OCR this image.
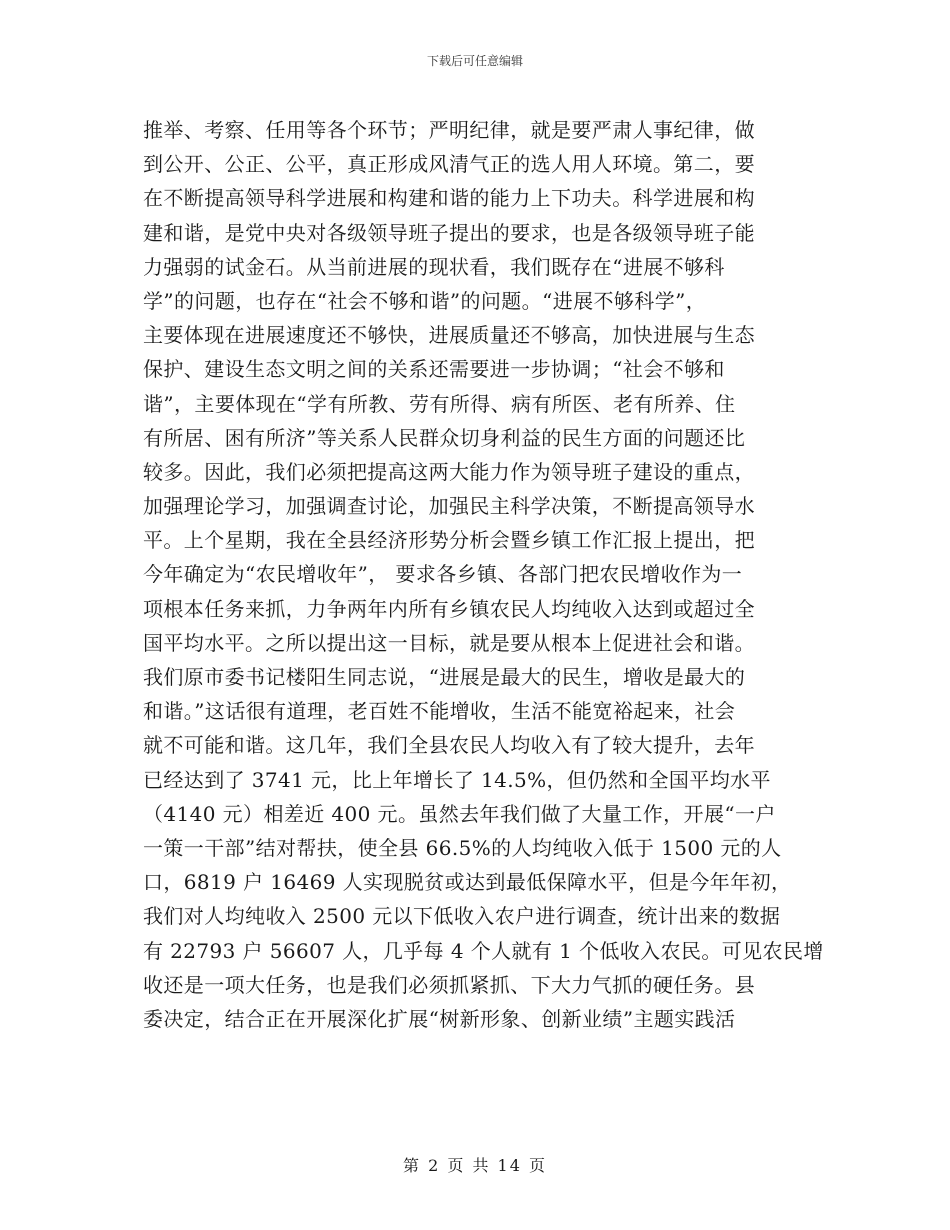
下载后可任意编辑
推举、考察、任用等各个环节；严明纪律，就是要严肃人事纪律，做
到公开、公正、公平，真正形成风清气正的选人用人环境。第二，要
在不断提高领导科学进展和构建和谐的能力上下功夫。科学进展和构
建和谐，是党中央对各级领导班子提出的要求，也是各级领导班子能
力强弱的试金石。从当前进展的现状看，我们既存在“进展不够科
学”的问题，也存在“社会不够和谐”的问题。“进展不够科学”，
主要体现在进展速度还不够快，进展质量还不够高，加快进展与生态
保护、建设生态文明之间的关系还需要进一步协调；“社会不够和
谐”，主要体现在“学有所教、劳有所得、病有所医、老有所养、住
有所居、困有所济”等关系人民群众切身利益的民生方面的问题还比
较多。因此，我们必须把提高这两大能力作为领导班子建设的重点，
加强理论学习，加强调查讨论，加强民主科学决策，不断提高领导水
平。上个星期，我在全县经济形势分析会暨乡镇工作汇报上提出，把
今年确定为“农民增收年”， 要求各乡镇、各部门把农民增收作为一
项根本任务来抓，力争两年内所有乡镇农民人均纯收入达到或超过全
国平均水平。之所以提出这一目标，就是要从根本上促进社会和谐。
我们原市委书记楼阳生同志说，“进展是最大的民生，增收是最大的
和谐。”这话很有道理，老百姓不能增收，生活不能宽裕起来，社会
就不可能和谐。这几年，我们全县农民人均收入有了较大提升，去年
已经达到了 3741 元，比上年增长了 14.5%，但仍然和全国平均水平
（4140 元）相差近 400 元。虽然去年我们做了大量工作，开展“一户
一策一干部”结对帮扶，使全县 66.5%的人均纯收入低于 1500 元的人
口，6819 户 16469 人实现脱贫或达到最低保障水平，但是今年年初，
我们对人均纯收入 2500 元以下低收入农户进行调查，统计出来的数据
有 22793 户 56607 人，几乎每 4 个人就有 1 个低收入农民。可见农民增
收还是一项大任务，也是我们必须抓紧抓、下大力气抓的硬任务。县
委决定，结合正在开展深化扩展“树新形象、创新业绩”主题实践活
第 2 页 共 14 页
